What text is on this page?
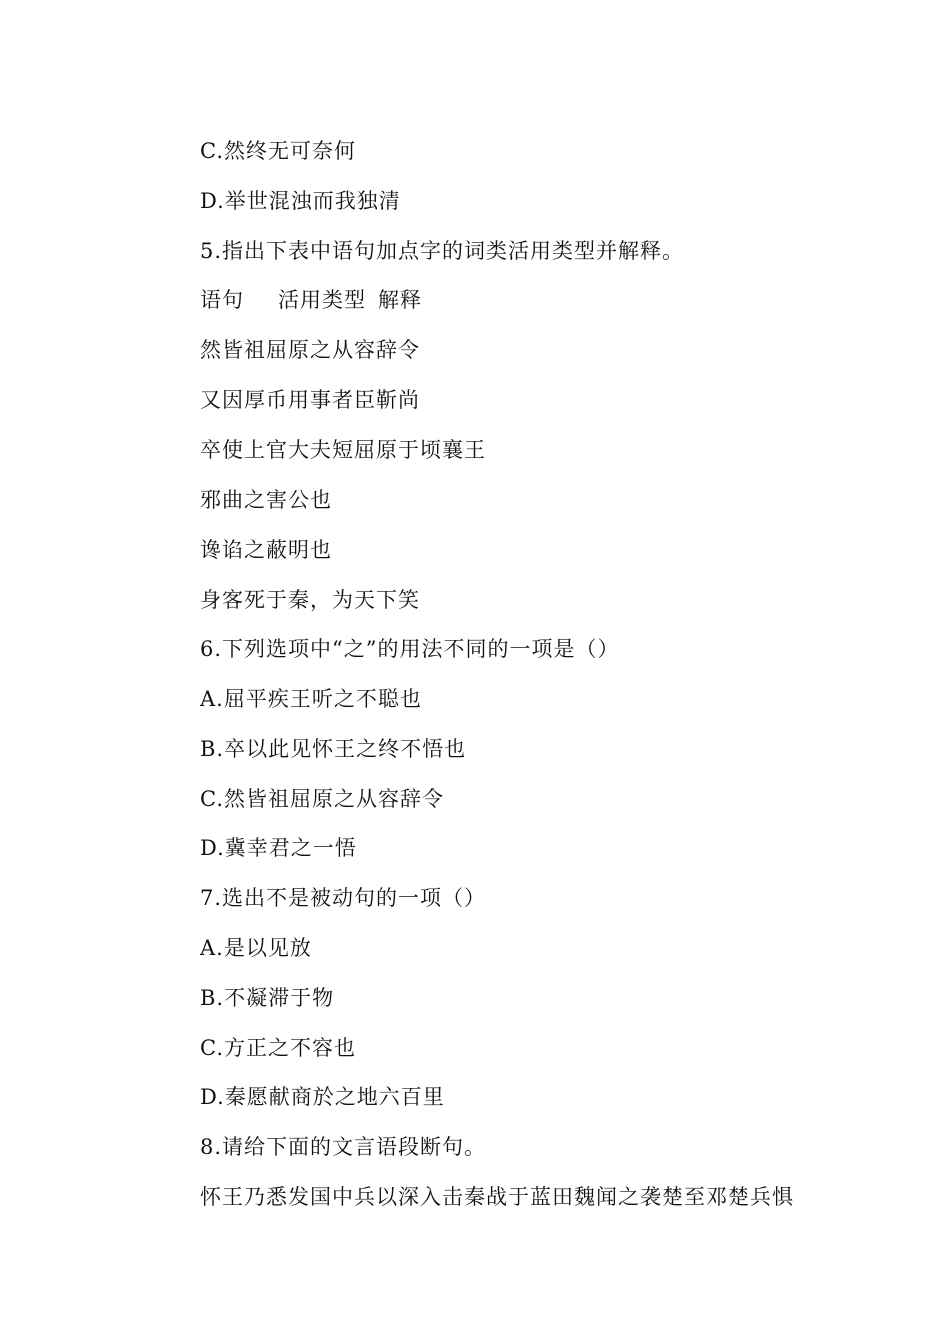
C.然终无可奈何
D.举世混浊而我独清
5.指出下表中语句加点字的词类活用类型并解释。
语句 活用类型 解释
然皆祖屈原之从容辞令
又因厚币用事者臣靳尚
卒使上官大夫短屈原于顷襄王
邪曲之害公也
谗谄之蔽明也
身客死于秦，为天下笑
6.下列选项中“之”的用法不同的一项是（）
A.屈平疾王听之不聪也
B.卒以此见怀王之终不悟也
C.然皆祖屈原之从容辞令
D.冀幸君之一悟
7.选出不是被动句的一项（）
A.是以见放
B.不凝滞于物
C.方正之不容也
D.秦愿献商於之地六百里
8.请给下面的文言语段断句。
怀王乃悉发国中兵以深入击秦战于蓝田魏闻之袭楚至邓楚兵惧
